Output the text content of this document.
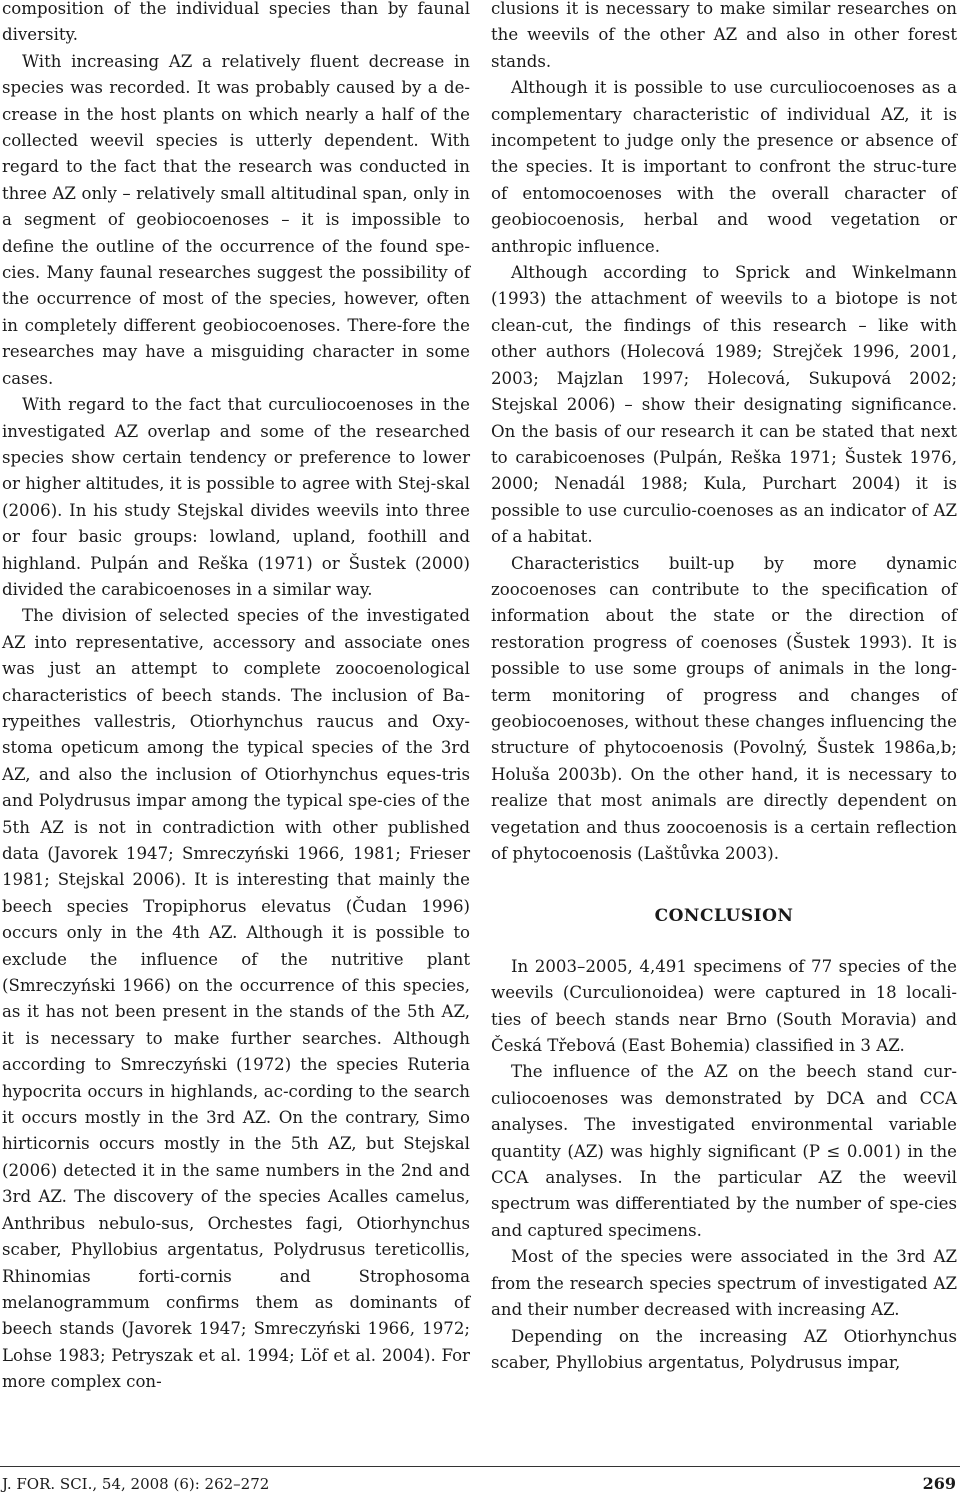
composition of the individual species than by faunal diversity.

With increasing AZ a relatively fluent decrease in species was recorded. It was probably caused by a de-crease in the host plants on which nearly a half of the collected weevil species is utterly dependent. With regard to the fact that the research was conducted in three AZ only – relatively small altitudinal span, only in a segment of geobiocoenoses – it is impossible to define the outline of the occurrence of the found spe-cies. Many faunal researches suggest the possibility of the occurrence of most of the species, however, often in completely different geobiocoenoses. There-fore the researches may have a misguiding character in some cases.

With regard to the fact that curculiocoenoses in the investigated AZ overlap and some of the researched species show certain tendency or preference to lower or higher altitudes, it is possible to agree with Stej-skal (2006). In his study Stejskal divides weevils into three or four basic groups: lowland, upland, foothill and highland. Pulpán and Reška (1971) or Šustek (2000) divided the carabicoenoses in a similar way.

The division of selected species of the investigated AZ into representative, accessory and associate ones was just an attempt to complete zoocoenological characteristics of beech stands. The inclusion of Ba-rypeithes vallestris, Otiorhynchus raucus and Oxy-stoma opeticum among the typical species of the 3rd AZ, and also the inclusion of Otiorhynchus eques-tris and Polydrusus impar among the typical spe-cies of the 5th AZ is not in contradiction with other published data (Javorek 1947; Smreczyński 1966, 1981; Frieser 1981; Stejskal 2006). It is interesting that mainly the beech species Tropiphorus elevatus (Čudan 1996) occurs only in the 4th AZ. Although it is possible to exclude the influence of the nutritive plant (Smreczyński 1966) on the occurrence of this species, as it has not been present in the stands of the 5th AZ, it is necessary to make further searches. Although according to Smreczyński (1972) the species Ruteria hypocrita occurs in highlands, ac-cording to the search it occurs mostly in the 3rd AZ. On the contrary, Simo hirticornis occurs mostly in the 5th AZ, but Stejskal (2006) detected it in the same numbers in the 2nd and 3rd AZ. The discovery of the species Acalles camelus, Anthribus nebulo-sus, Orchestes fagi, Otiorhynchus scaber, Phyllobius argentatus, Polydrusus tereticollis, Rhinomias forti-cornis and Strophosoma melanogrammum confirms them as dominants of beech stands (Javorek 1947; Smreczyński 1966, 1972; Lohse 1983; Petryszak et al. 1994; Löf et al. 2004). For more complex con-

clusions it is necessary to make similar researches on the weevils of the other AZ and also in other forest stands.

Although it is possible to use curculiocoenoses as a complementary characteristic of individual AZ, it is incompetent to judge only the presence or absence of the species. It is important to confront the struc-ture of entomocoenoses with the overall character of geobiocoenosis, herbal and wood vegetation or anthropic influence.

Although according to Sprick and Winkelmann (1993) the attachment of weevils to a biotope is not clean-cut, the findings of this research – like with other authors (Holecová 1989; Strejček 1996, 2001, 2003; Majzlan 1997; Holecová, Sukupová 2002; Stejskal 2006) – show their designating significance. On the basis of our research it can be stated that next to carabicoenoses (Pulpán, Reška 1971; Šustek 1976, 2000; Nenadál 1988; Kula, Purchart 2004) it is possible to use curculio-coenoses as an indicator of AZ of a habitat.

Characteristics built-up by more dynamic zoocoenoses can contribute to the specification of information about the state or the direction of restoration progress of coenoses (Šustek 1993). It is possible to use some groups of animals in the long-term monitoring of progress and changes of geobiocoenoses, without these changes influencing the structure of phytocoenosis (Povolný, Šustek 1986a,b; Holuša 2003b). On the other hand, it is necessary to realize that most animals are directly dependent on vegetation and thus zoocoenosis is a certain reflection of phytocoenosis (Laštůvka 2003).

CONCLUSION

In 2003–2005, 4,491 specimens of 77 species of the weevils (Curculionoidea) were captured in 18 locali-ties of beech stands near Brno (South Moravia) and Česká Třebová (East Bohemia) classified in 3 AZ.

The influence of the AZ on the beech stand cur-culiocoenoses was demonstrated by DCA and CCA analyses. The investigated environmental variable quantity (AZ) was highly significant (P ≤ 0.001) in the CCA analyses. In the particular AZ the weevil spectrum was differentiated by the number of spe-cies and captured specimens.

Most of the species were associated in the 3rd AZ from the research species spectrum of investigated AZ and their number decreased with increasing AZ.

Depending on the increasing AZ Otiorhynchus scaber, Phyllobius argentatus, Polydrusus impar,

J. FOR. SCI., 54, 2008 (6): 262–272	269
